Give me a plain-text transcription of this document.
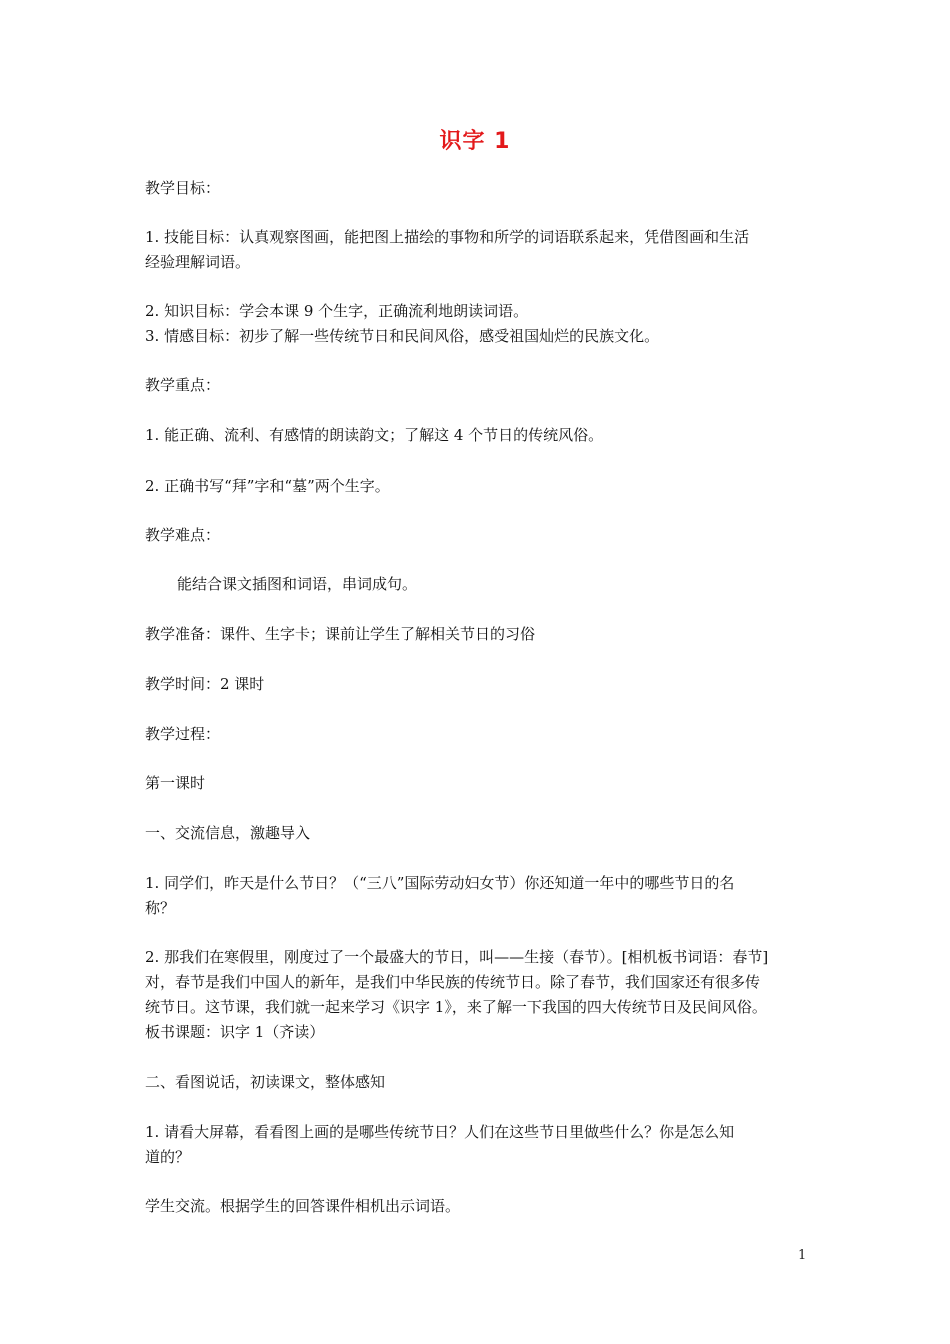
识字 1
教学目标：
1. 技能目标：认真观察图画，能把图上描绘的事物和所学的词语联系起来，凭借图画和生活
经验理解词语。
2. 知识目标：学会本课 9 个生字，正确流利地朗读词语。
3. 情感目标：初步了解一些传统节日和民间风俗，感受祖国灿烂的民族文化。
教学重点：
1. 能正确、流利、有感情的朗读韵文；了解这 4 个节日的传统风俗。
2. 正确书写“拜”字和“墓”两个生字。
教学难点：
能结合课文插图和词语，串词成句。
教学准备：课件、生字卡；课前让学生了解相关节日的习俗
教学时间：2 课时
教学过程：
第一课时
一、交流信息，激趣导入
1. 同学们，昨天是什么节日？（“三八”国际劳动妇女节）你还知道一年中的哪些节日的名
称？
2. 那我们在寒假里，刚度过了一个最盛大的节日，叫——生接（春节）。[相机板书词语：春节]
对，春节是我们中国人的新年，是我们中华民族的传统节日。除了春节，我们国家还有很多传
统节日。这节课，我们就一起来学习《识字 1》，来了解一下我国的四大传统节日及民间风俗。
板书课题：识字 1（齐读）
二、看图说话，初读课文，整体感知
1. 请看大屏幕，看看图上画的是哪些传统节日？人们在这些节日里做些什么？你是怎么知
道的？
学生交流。根据学生的回答课件相机出示词语。
1
